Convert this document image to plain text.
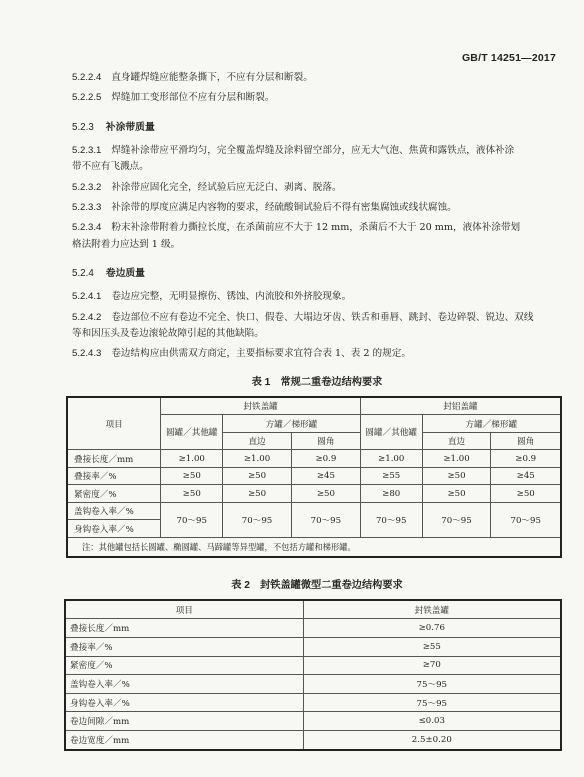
GB/T 14251—2017

5.2.2.4 直身罐焊缝应能整条撕下，不应有分层和断裂。

5.2.2.5 焊缝加工变形部位不应有分层和断裂。

5.2.3 补涂带质量

5.2.3.1 焊缝补涂带应平滑均匀，完全覆盖焊缝及涂料留空部分，应无大气泡、焦黄和露铁点，液体补涂

带不应有飞溅点。

5.2.3.2 补涂带应固化完全，经试验后应无泛白、剥离、脱落。

5.2.3.3 补涂带的厚度应满足内容物的要求，经硫酸铜试验后不得有密集腐蚀或线状腐蚀。

5.2.3.4 粉末补涂带附着力撕拉长度，在杀菌前应不大于 12 mm，杀菌后不大于 20 mm，液体补涂带划

格法附着力应达到 1 级。

5.2.4 卷边质量

5.2.4.1 卷边应完整，无明显擦伤、锈蚀、内流胶和外挤胶现象。

5.2.4.2 卷边部位不应有卷边不完全、快口、假卷、大塌边牙齿、铁舌和垂唇、跳封、卷边碎裂、锐边、双线

等和因压头及卷边滚轮故障引起的其他缺陷。

5.2.4.3 卷边结构应由供需双方商定，主要指标要求宜符合表 1、表 2 的规定。

表 1　常规二重卷边结构要求
项目	封铁盖罐			封铝盖罐		
	圆罐／其他罐	方罐／梯形罐		圆罐／其他罐	方罐／梯形罐	
		直边	圆角		直边	圆角
叠接长度／mm	≥1.00	≥1.00	≥0.9	≥1.00	≥1.00	≥0.9
叠接率／%	≥50	≥50	≥45	≥55	≥50	≥45
紧密度／%	≥50	≥50	≥50	≥80	≥50	≥50
盖钩卷入率／%	70～95	70～95	70～95	70～95	70～95	70～95
身钩卷入率／%						
注：其他罐包括长圆罐、椭圆罐、马蹄罐等异型罐，不包括方罐和梯形罐。						
表 2　封铁盖罐微型二重卷边结构要求
项目	封铁盖罐
叠接长度／mm	≥0.76
叠接率／%	≥55
紧密度／%	≥70
盖钩卷入率／%	75～95
身钩卷入率／%	75～95
卷边间隙／mm	≤0.03
卷边宽度／mm	2.5±0.20
